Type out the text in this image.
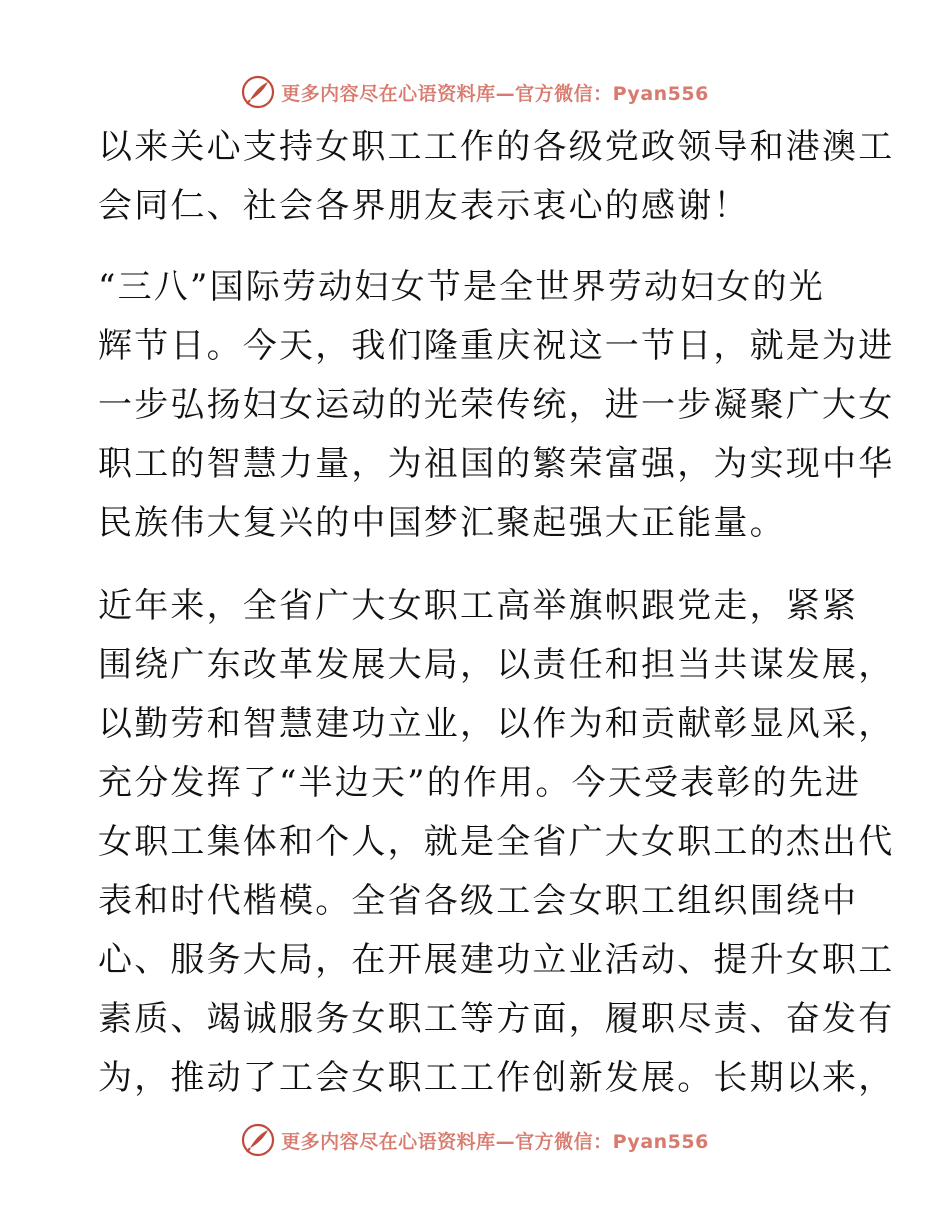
更多内容尽在心语资料库—官方微信：Pyan556
以来关心支持女职工工作的各级党政领导和港澳工
会同仁、社会各界朋友表示衷心的感谢！
“三八”国际劳动妇女节是全世界劳动妇女的光
辉节日。今天，我们隆重庆祝这一节日，就是为进
一步弘扬妇女运动的光荣传统，进一步凝聚广大女
职工的智慧力量，为祖国的繁荣富强，为实现中华
民族伟大复兴的中国梦汇聚起强大正能量。
近年来，全省广大女职工高举旗帜跟党走，紧紧
围绕广东改革发展大局，以责任和担当共谋发展，
以勤劳和智慧建功立业，以作为和贡献彰显风采，
充分发挥了“半边天”的作用。今天受表彰的先进
女职工集体和个人，就是全省广大女职工的杰出代
表和时代楷模。全省各级工会女职工组织围绕中
心、服务大局，在开展建功立业活动、提升女职工
素质、竭诚服务女职工等方面，履职尽责、奋发有
为，推动了工会女职工工作创新发展。长期以来，
更多内容尽在心语资料库—官方微信：Pyan556
